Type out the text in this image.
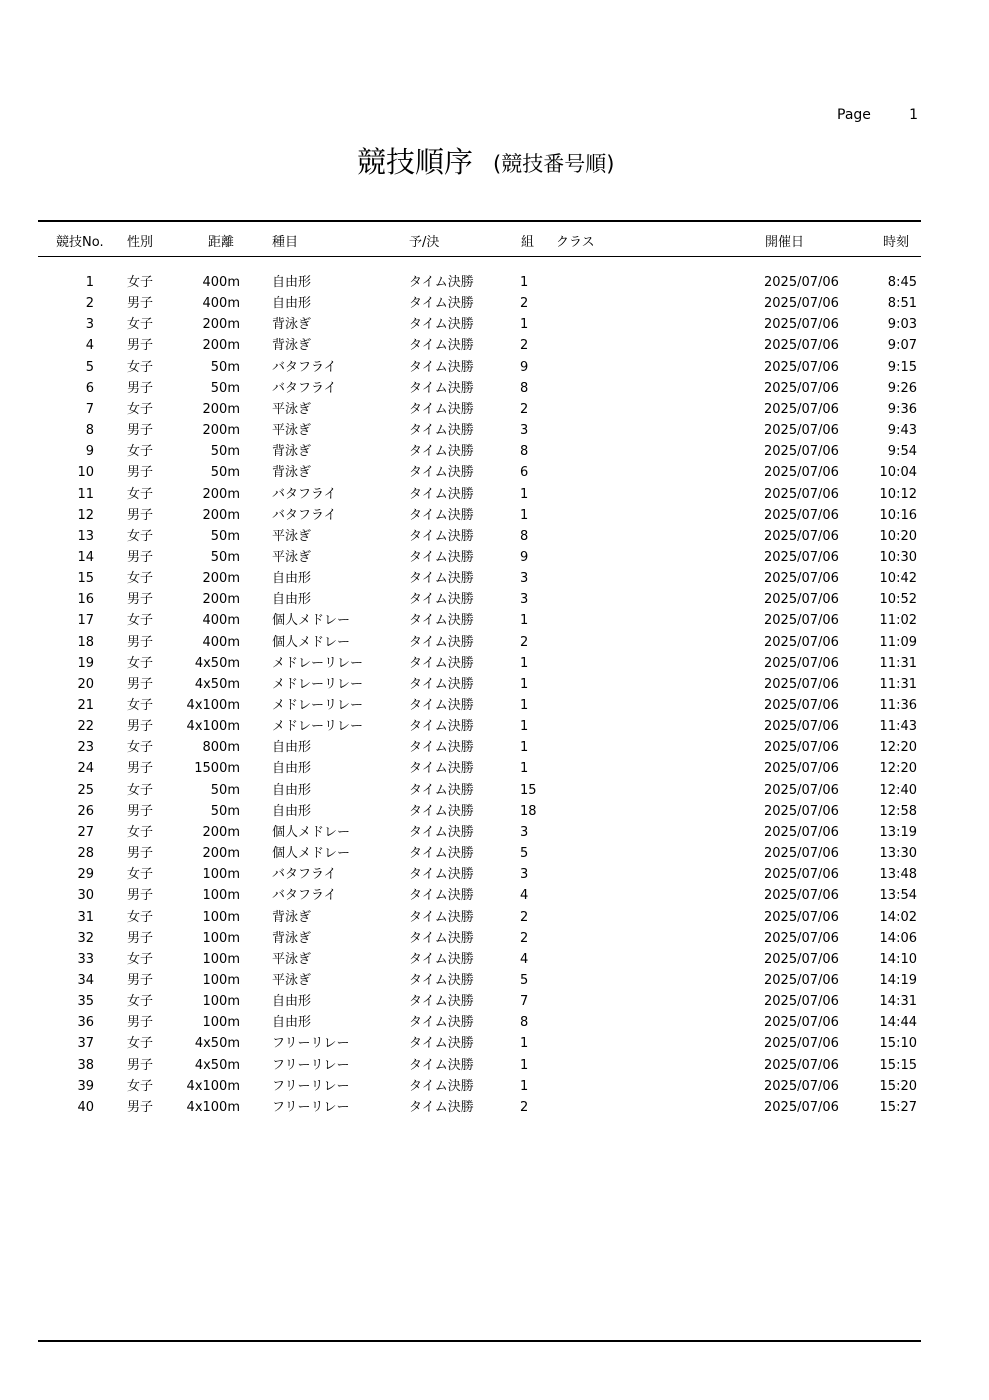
Page	1
競技順序 (競技番号順)
競技No. 性別	距離	種目	予/決	組 クラス	開催日	時刻
1	女子	400m 自由形	タイム決勝	1	2025/07/06	8:45
2	男子	400m 自由形	タイム決勝	2	2025/07/06	8:51
3	女子	200m 背泳ぎ	タイム決勝	1	2025/07/06	9:03
4	男子	200m 背泳ぎ	タイム決勝	2	2025/07/06	9:07
5	女子	50m バタフライ	タイム決勝	9	2025/07/06	9:15
6	男子	50m バタフライ	タイム決勝	8	2025/07/06	9:26
7	女子	200m 平泳ぎ	タイム決勝	2	2025/07/06	9:36
8	男子	200m 平泳ぎ	タイム決勝	3	2025/07/06	9:43
9	女子	50m 背泳ぎ	タイム決勝	8	2025/07/06	9:54
10	男子	50m 背泳ぎ	タイム決勝	6	2025/07/06	10:04
11	女子	200m バタフライ	タイム決勝	1	2025/07/06	10:12
12	男子	200m バタフライ	タイム決勝	1	2025/07/06	10:16
13	女子	50m 平泳ぎ	タイム決勝	8	2025/07/06	10:20
14	男子	50m 平泳ぎ	タイム決勝	9	2025/07/06	10:30
15	女子	200m 自由形	タイム決勝	3	2025/07/06	10:42
16	男子	200m 自由形	タイム決勝	3	2025/07/06	10:52
17	女子	400m 個人メドレー	タイム決勝	1	2025/07/06	11:02
18	男子	400m 個人メドレー	タイム決勝	2	2025/07/06	11:09
19	女子	4x50m メドレーリレー	タイム決勝	1	2025/07/06	11:31
20	男子	4x50m メドレーリレー	タイム決勝	1	2025/07/06	11:31
21	女子	4x100m メドレーリレー	タイム決勝	1	2025/07/06	11:36
22	男子	4x100m メドレーリレー	タイム決勝	1	2025/07/06	11:43
23	女子	800m 自由形	タイム決勝	1	2025/07/06	12:20
24	男子	1500m 自由形	タイム決勝	1	2025/07/06	12:20
25	女子	50m 自由形	タイム決勝	15	2025/07/06	12:40
26	男子	50m 自由形	タイム決勝	18	2025/07/06	12:58
27	女子	200m 個人メドレー	タイム決勝	3	2025/07/06	13:19
28	男子	200m 個人メドレー	タイム決勝	5	2025/07/06	13:30
29	女子	100m バタフライ	タイム決勝	3	2025/07/06	13:48
30	男子	100m バタフライ	タイム決勝	4	2025/07/06	13:54
31	女子	100m 背泳ぎ	タイム決勝	2	2025/07/06	14:02
32	男子	100m 背泳ぎ	タイム決勝	2	2025/07/06	14:06
33	女子	100m 平泳ぎ	タイム決勝	4	2025/07/06	14:10
34	男子	100m 平泳ぎ	タイム決勝	5	2025/07/06	14:19
35	女子	100m 自由形	タイム決勝	7	2025/07/06	14:31
36	男子	100m 自由形	タイム決勝	8	2025/07/06	14:44
37	女子	4x50m フリーリレー	タイム決勝	1	2025/07/06	15:10
38	男子	4x50m フリーリレー	タイム決勝	1	2025/07/06	15:15
39	女子	4x100m フリーリレー	タイム決勝	1	2025/07/06	15:20
40	男子	4x100m フリーリレー	タイム決勝	2	2025/07/06	15:27
